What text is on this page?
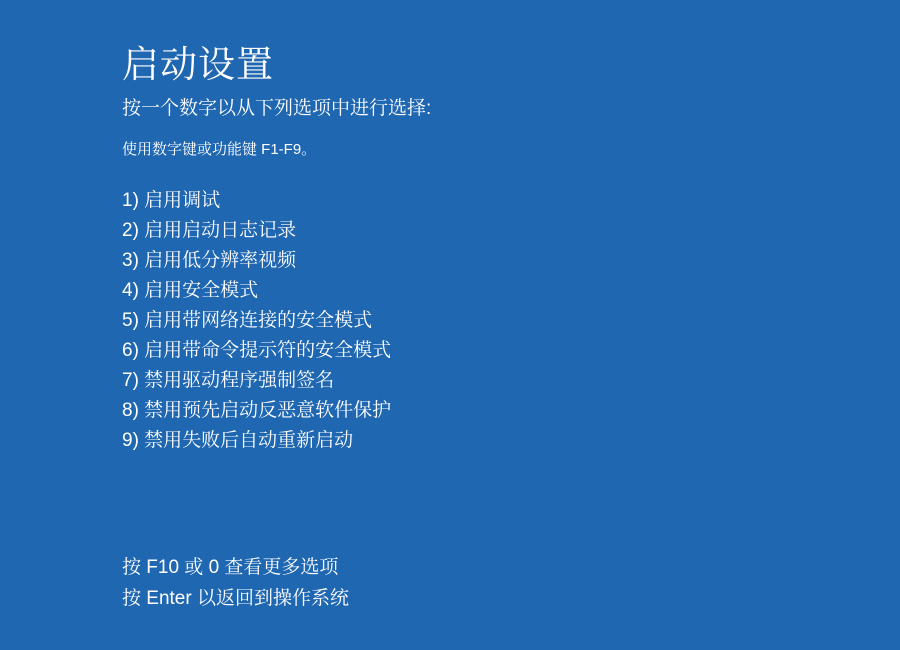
启动设置
按一个数字以从下列选项中进行选择:
使用数字键或功能键 F1-F9。
1) 启用调试
2) 启用启动日志记录
3) 启用低分辨率视频
4) 启用安全模式
5) 启用带网络连接的安全模式
6) 启用带命令提示符的安全模式
7) 禁用驱动程序强制签名
8) 禁用预先启动反恶意软件保护
9) 禁用失败后自动重新启动
按 F10 或 0 查看更多选项
按 Enter 以返回到操作系统
